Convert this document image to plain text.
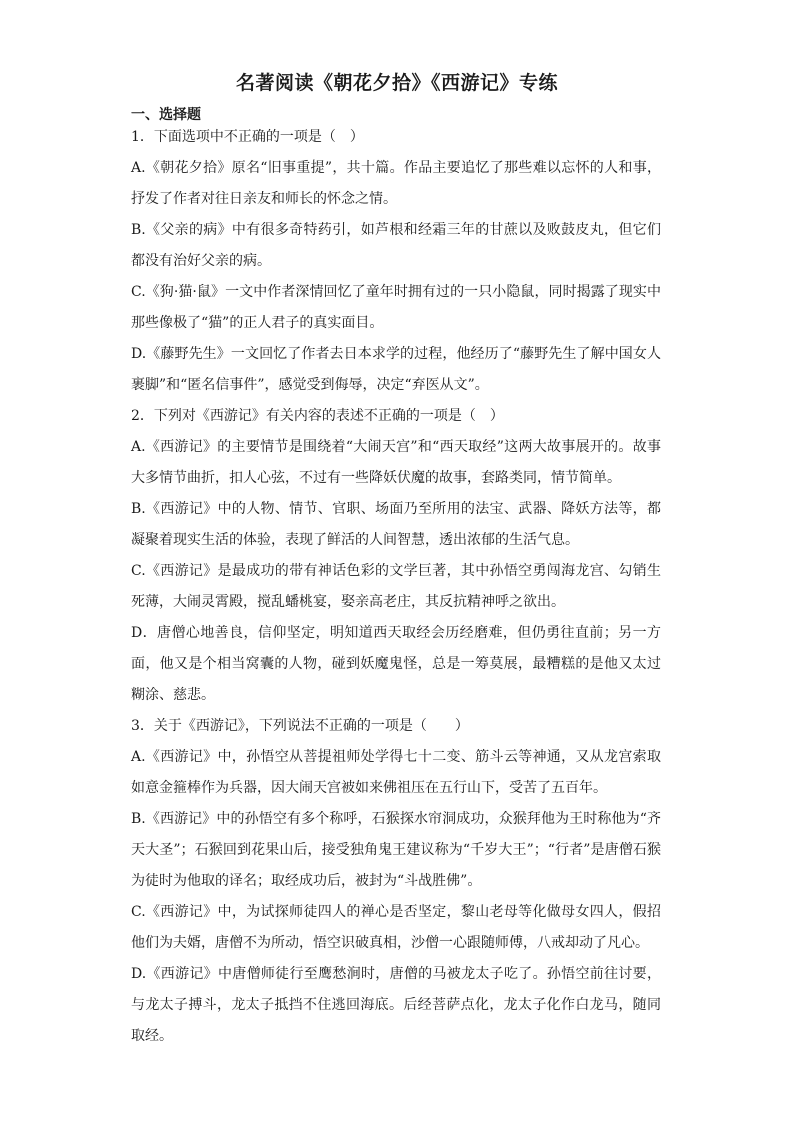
名著阅读《朝花夕拾》《西游记》专练
一、选择题

1．下面选项中不正确的一项是（　）

A.《朝花夕拾》原名“旧事重提”，共十篇。作品主要追忆了那些难以忘怀的人和事，抒发了作者对往日亲友和师长的怀念之情。

B.《父亲的病》中有很多奇特药引，如芦根和经霜三年的甘蔗以及败鼓皮丸，但它们都没有治好父亲的病。

C.《狗·猫·鼠》一文中作者深情回忆了童年时拥有过的一只小隐鼠，同时揭露了现实中那些像极了“猫”的正人君子的真实面目。

D.《藤野先生》一文回忆了作者去日本求学的过程，他经历了“藤野先生了解中国女人裹脚”和“匿名信事件”，感觉受到侮辱，决定“弃医从文”。

2．下列对《西游记》有关内容的表述不正确的一项是（　）

A.《西游记》的主要情节是围绕着“大闹天宫”和“西天取经”这两大故事展开的。故事大多情节曲折，扣人心弦，不过有一些降妖伏魔的故事，套路类同，情节简单。

B.《西游记》中的人物、情节、官职、场面乃至所用的法宝、武器、降妖方法等，都凝聚着现实生活的体验，表现了鲜活的人间智慧，透出浓郁的生活气息。

C.《西游记》是最成功的带有神话色彩的文学巨著，其中孙悟空勇闯海龙宫、勾销生死薄，大闹灵霄殿，搅乱蟠桃宴，娶亲高老庄，其反抗精神呼之欲出。

D．唐僧心地善良，信仰坚定，明知道西天取经会历经磨难，但仍勇往直前；另一方面，他又是个相当窝囊的人物，碰到妖魔鬼怪，总是一筹莫展，最糟糕的是他又太过糊涂、慈悲。

3．关于《西游记》，下列说法不正确的一项是（　　）

A.《西游记》中，孙悟空从菩提祖师处学得七十二变、筋斗云等神通，又从龙宫索取如意金箍棒作为兵器，因大闹天宫被如来佛祖压在五行山下，受苦了五百年。

B.《西游记》中的孙悟空有多个称呼，石猴探水帘洞成功，众猴拜他为王时称他为“齐天大圣”；石猴回到花果山后，接受独角鬼王建议称为“千岁大王”；“行者”是唐僧石猴为徒时为他取的译名；取经成功后，被封为“斗战胜佛”。

C.《西游记》中，为试探师徒四人的禅心是否坚定，黎山老母等化做母女四人，假招他们为夫婿，唐僧不为所动，悟空识破真相，沙僧一心跟随师傅，八戒却动了凡心。

D.《西游记》中唐僧师徒行至鹰愁涧时，唐僧的马被龙太子吃了。孙悟空前往讨要，与龙太子搏斗，龙太子抵挡不住逃回海底。后经菩萨点化，龙太子化作白龙马，随同取经。
